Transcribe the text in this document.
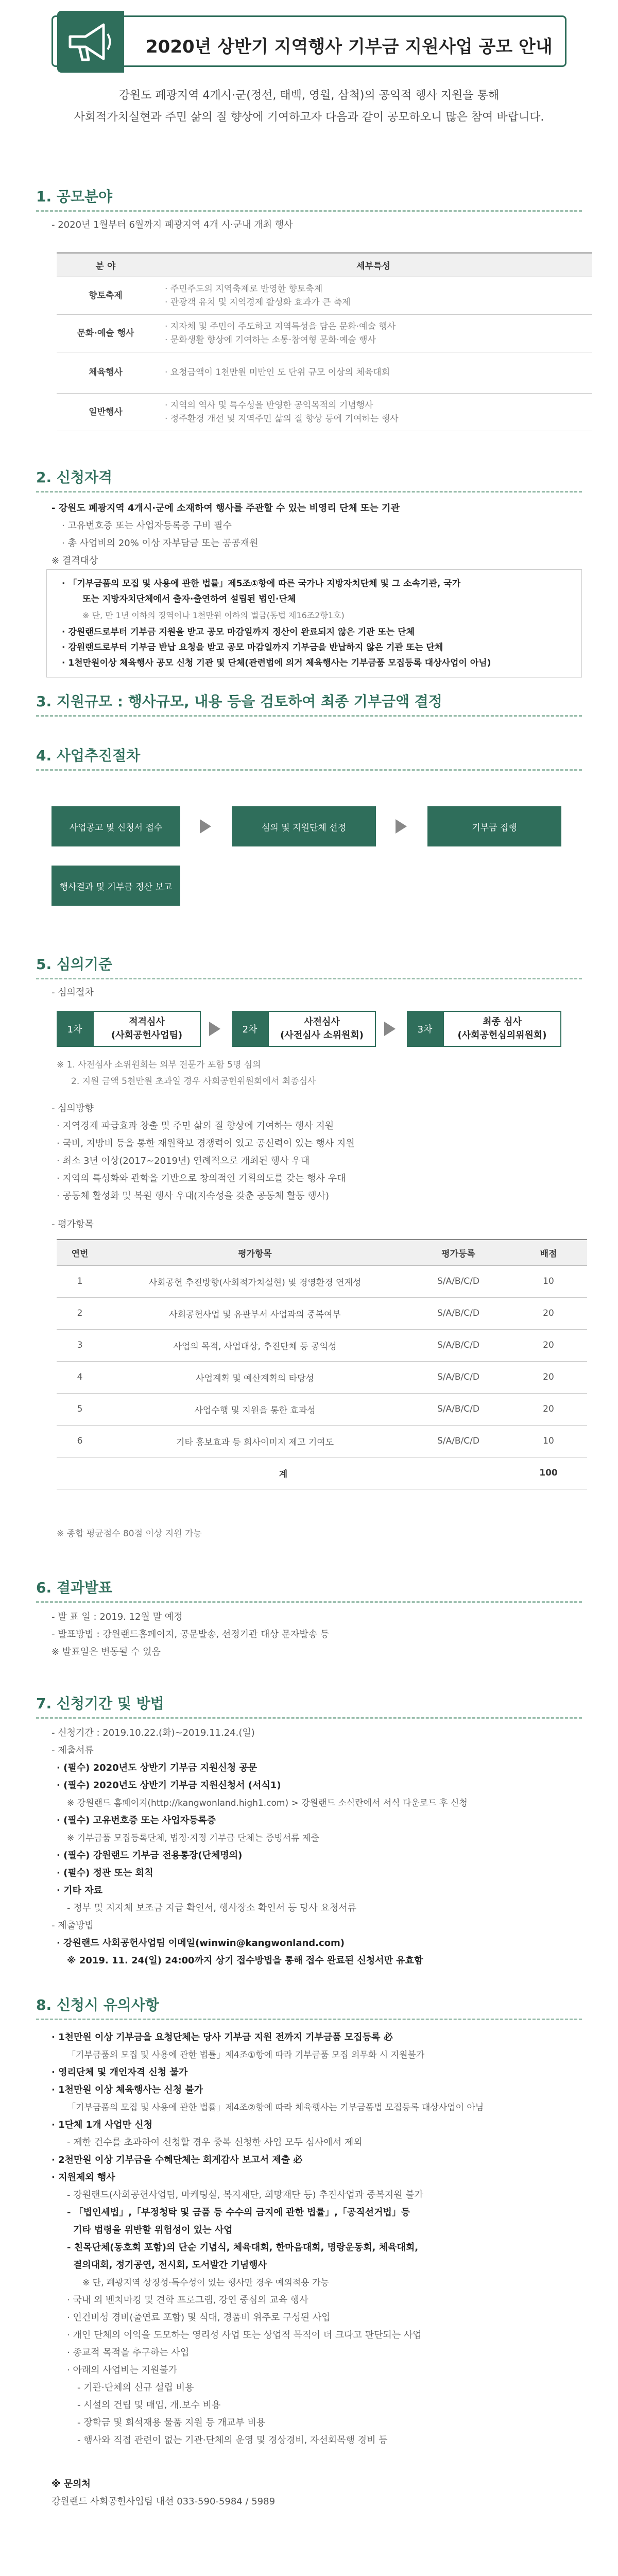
2020년 상반기 지역행사 기부금 지원사업 공모 안내
강원도 폐광지역 4개시·군(정선, 태백, 영월, 삼척)의 공익적 행사 지원을 통해
사회적가치실현과 주민 삶의 질 향상에 기여하고자 다음과 같이 공모하오니 많은 참여 바랍니다.
1. 공모분야
- 2020년 1월부터 6월까지 폐광지역 4개 시·군내 개최 행사
분 야	세부특성
향토축제	· 주민주도의 지역축제로 반영한 향토축제
· 관광객 유치 및 지역경제 활성화 효과가 큰 축제

문화·예술 행사	· 지자체 및 주민이 주도하고 지역특성을 담은 문화·예술 행사
· 문화생활 향상에 기여하는 소통·참여형 문화·예술 행사

체육행사	· 요청금액이 1천만원 미만인 도 단위 규모 이상의 체육대회

일반행사	· 지역의 역사 및 특수성을 반영한 공익목적의 기념행사
· 정주환경 개선 및 지역주민 삶의 질 향상 등에 기여하는 행사
2. 신청자격
- 강원도 폐광지역 4개시·군에 소재하여 행사를 주관할 수 있는 비영리 단체 또는 기관
· 고유번호증 또는 사업자등록증 구비 필수
· 총 사업비의 20% 이상 자부담금 또는 공공재원
※ 결격대상
· 「기부금품의 모집 및 사용에 관한 법률」제5조①항에 따른 국가나 지방자치단체 및 그 소속기관, 국가
또는 지방자치단체에서 출자·출연하여 설립된 법인·단체
※ 단, 만 1년 이하의 징역이나 1천만원 이하의 벌금(동법 제16조2항1호)
· 강원랜드로부터 기부금 지원을 받고 공모 마감일까지 정산이 완료되지 않은 기관 또는 단체
· 강원랜드로부터 기부금 반납 요청을 받고 공모 마감일까지 기부금을 반납하지 않은 기관 또는 단체
· 1천만원이상 체육행사 공모 신청 기관 및 단체(관련법에 의거 체육행사는 기부금품 모집등록 대상사업이 아님)
3. 지원규모 : 행사규모, 내용 등을 검토하여 최종 기부금액 결정
4. 사업추진절차
사업공고 및 신청서 접수	심의 및 지원단체 선정	기부금 집행
행사결과 및 기부금 정산 보고
5. 심의기준
- 심의절차
1차
적격심사
(사회공헌사업팀)
2차
사전심사
(사전심사 소위원회)
3차
최종 심사
(사회공헌심의위원회)
※ 1. 사전심사 소위원회는 외부 전문가 포함 5명 심의
2. 지원 금액 5천만원 초과일 경우 사회공헌위원회에서 최종심사
- 심의방향
· 지역경제 파급효과 창출 및 주민 삶의 질 향상에 기여하는 행사 지원
· 국비, 지방비 등을 통한 재원확보 경쟁력이 있고 공신력이 있는 행사 지원
· 최소 3년 이상(2017~2019년) 연례적으로 개최된 행사 우대
· 지역의 특성화와 관학을 기반으로 창의적인 기획의도를 갖는 행사 우대
· 공동체 활성화 및 복원 행사 우대(지속성을 갖춘 공동체 활동 행사)
- 평가항목
연번	평가항목	평가등록	배점
1	사회공헌 추진방향(사회적가치실현) 및 경영환경 연계성	S/A/B/C/D	10
2	사회공헌사업 및 유관부서 사업과의 중복여부	S/A/B/C/D	20
3	사업의 목적, 사업대상, 추진단체 등 공익성	S/A/B/C/D	20
4	사업계획 및 예산계획의 타당성	S/A/B/C/D	20
5	사업수행 및 지원을 통한 효과성	S/A/B/C/D	20
6	기타 홍보효과 등 회사이미지 제고 기여도	S/A/B/C/D	10
계			100
※ 종합 평균점수 80점 이상 지원 가능
6. 결과발표
- 발 표 일 : 2019. 12월 말 예정
- 발표방법 : 강원랜드홈페이지, 공문발송, 선정기관 대상 문자발송 등
※ 발표일은 변동될 수 있음
7. 신청기간 및 방법
- 신청기간 : 2019.10.22.(화)~2019.11.24.(일)
- 제출서류
· (필수) 2020년도 상반기 기부금 지원신청 공문
· (필수) 2020년도 상반기 기부금 지원신청서 (서식1)
※ 강원랜드 홈페이지(http://kangwonland.high1.com) > 강원랜드 소식란에서 서식 다운로드 후 신청
· (필수) 고유번호증 또는 사업자등록증
※ 기부금품 모집등록단체, 법정·지정 기부금 단체는 증빙서류 제출
· (필수) 강원랜드 기부금 전용통장(단체명의)
· (필수) 정관 또는 회칙
· 기타 자료
- 정부 및 지자체 보조금 지급 확인서, 행사장소 확인서 등 당사 요청서류
- 제출방법
· 강원랜드 사회공헌사업팀 이메일(winwin@kangwonland.com)
※ 2019. 11. 24(일) 24:00까지 상기 접수방법을 통해 접수 완료된 신청서만 유효함
8. 신청시 유의사항
· 1천만원 이상 기부금을 요청단체는 당사 기부금 지원 전까지 기부금품 모집등록 必
「기부금품의 모집 및 사용에 관한 법률」제4조①항에 따라 기부금품 모집 의무화 시 지원불가
· 영리단체 및 개인자격 신청 불가
· 1천만원 이상 체육행사는 신청 불가
「기부금품의 모집 및 사용에 관한 법률」제4조②항에 따라 체육행사는 기부금품법 모집등록 대상사업이 아님
· 1단체 1개 사업만 신청
- 제한 건수를 초과하여 신청할 경우 중복 신청한 사업 모두 심사에서 제외
· 2천만원 이상 기부금을 수혜단체는 회계감사 보고서 제출 必
· 지원제외 행사
- 강원랜드(사회공헌사업팀, 마케팅실, 복지재단, 희망재단 등) 추진사업과 중복지원 불가
- 「법인세법」,「부정청탁 및 금품 등 수수의 금지에 관한 법률」,「공직선거법」등
기타 법령을 위반할 위험성이 있는 사업
- 친목단체(동호회 포함)의 단순 기념식, 체육대회, 한마음대회, 명랑운동회, 체육대회,
결의대회, 정기공연, 전시회, 도서발간 기념행사
※ 단, 폐광지역 상징성·특수성이 있는 행사만 경우 예외적용 가능
· 국내 외 벤치마킹 및 견학 프로그램, 강연 중심의 교육 행사
· 인건비성 경비(출연료 포함) 및 식대, 경품비 위주로 구성된 사업
· 개인 단체의 이익을 도모하는 영리성 사업 또는 상업적 목적이 더 크다고 판단되는 사업
· 종교적 목적을 추구하는 사업
· 아래의 사업비는 지원불가
- 기관·단체의 신규 설립 비용
- 시설의 건립 및 매입, 개.보수 비용
- 장학금 및 회석재용 물품 지원 등 개교부 비용
- 행사와 직접 관련이 없는 기관·단체의 운영 및 경상경비, 자선회목행 경비 등
※ 문의처
강원랜드 사회공헌사업팀 내선 033-590-5984 / 5989
